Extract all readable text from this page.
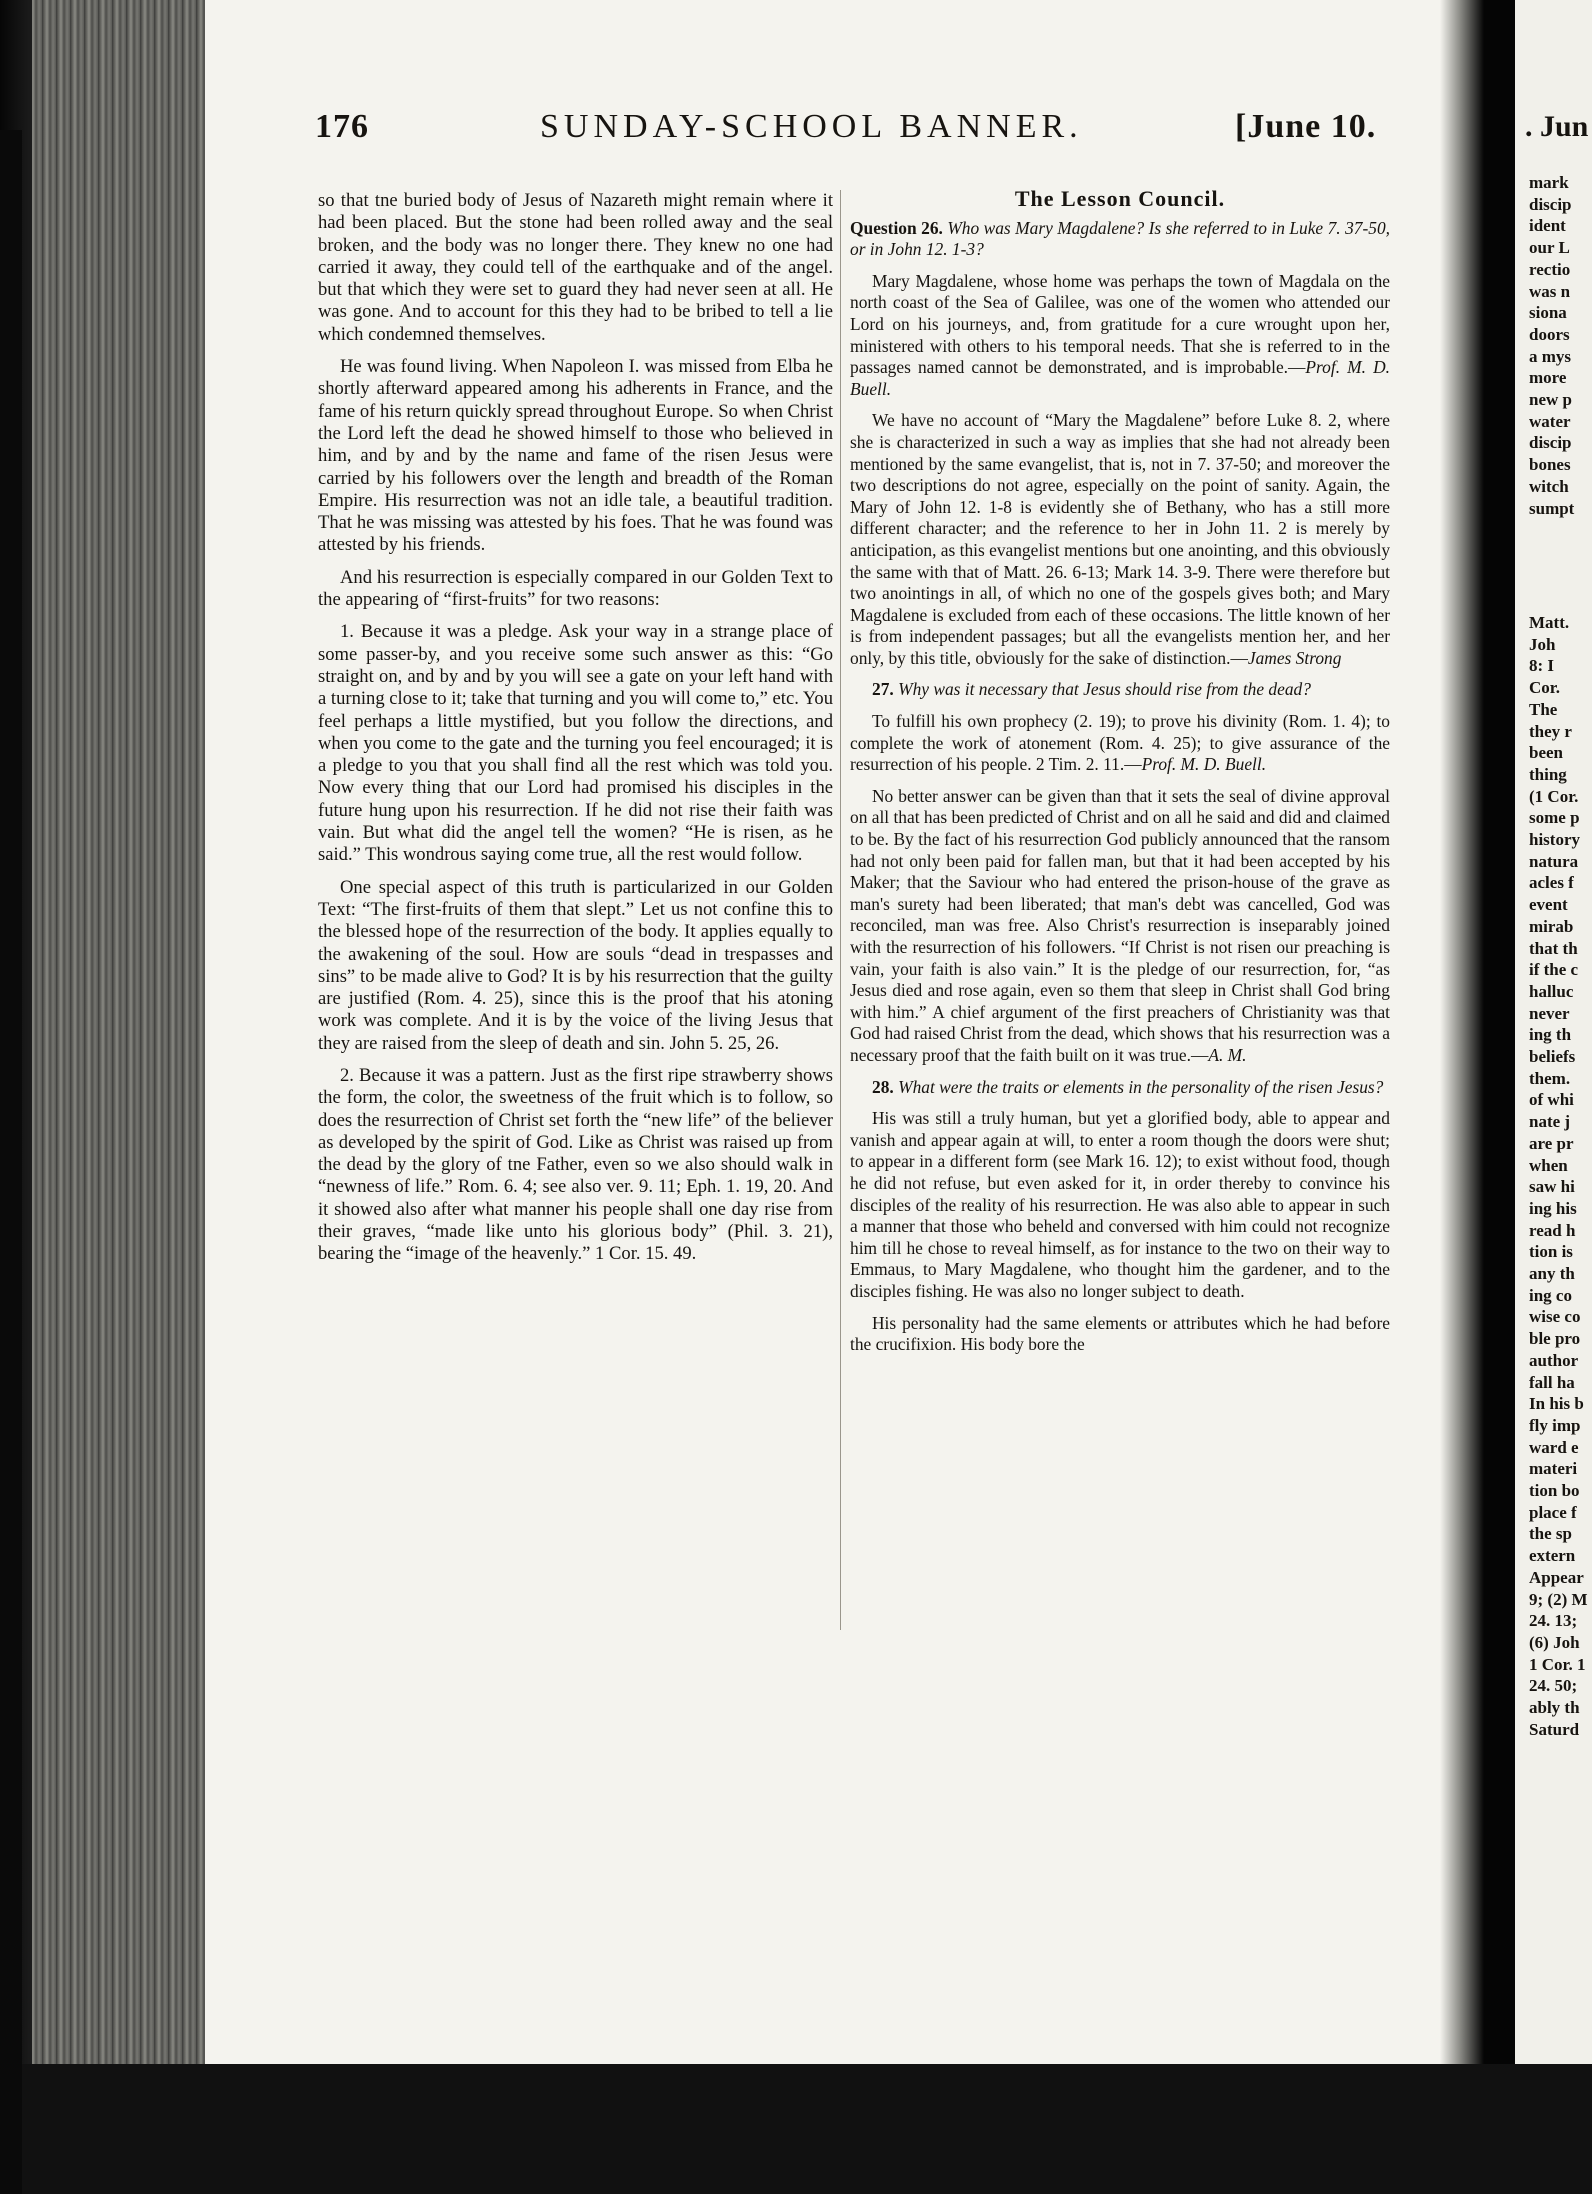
176	SUNDAY-SCHOOL BANNER.	[June 10.

so that tne buried body of Jesus of Nazareth might remain where it had been placed. But the stone had been rolled away and the seal broken, and the body was no longer there. They knew no one had carried it away, they could tell of the earthquake and of the angel. but that which they were set to guard they had never seen at all. He was gone. And to account for this they had to be bribed to tell a lie which condemned themselves.

He was found living. When Napoleon I. was missed from Elba he shortly afterward appeared among his adherents in France, and the fame of his return quickly spread throughout Europe. So when Christ the Lord left the dead he showed himself to those who believed in him, and by and by the name and fame of the risen Jesus were carried by his followers over the length and breadth of the Roman Empire. His resurrection was not an idle tale, a beautiful tradition. That he was missing was attested by his foes. That he was found was attested by his friends.

And his resurrection is especially compared in our Golden Text to the appearing of “first-fruits” for two reasons:

1. Because it was a pledge. Ask your way in a strange place of some passer-by, and you receive some such answer as this: “Go straight on, and by and by you will see a gate on your left hand with a turning close to it; take that turning and you will come to,” etc. You feel perhaps a little mystified, but you follow the directions, and when you come to the gate and the turning you feel encouraged; it is a pledge to you that you shall find all the rest which was told you. Now every thing that our Lord had promised his disciples in the future hung upon his resurrection. If he did not rise their faith was vain. But what did the angel tell the women? “He is risen, as he said.” This wondrous saying come true, all the rest would follow.

One special aspect of this truth is particularized in our Golden Text: “The first-fruits of them that slept.” Let us not confine this to the blessed hope of the resurrection of the body. It applies equally to the awakening of the soul. How are souls “dead in trespasses and sins” to be made alive to God? It is by his resurrection that the guilty are justified (Rom. 4. 25), since this is the proof that his atoning work was complete. And it is by the voice of the living Jesus that they are raised from the sleep of death and sin. John 5. 25, 26.

2. Because it was a pattern. Just as the first ripe strawberry shows the form, the color, the sweetness of the fruit which is to follow, so does the resurrection of Christ set forth the “new life” of the believer as developed by the spirit of God. Like as Christ was raised up from the dead by the glory of tne Father, even so we also should walk in “newness of life.” Rom. 6. 4; see also ver. 9. 11; Eph. 1. 19, 20. And it showed also after what manner his people shall one day rise from their graves, “made like unto his glorious body” (Phil. 3. 21), bearing the “image of the heavenly.” 1 Cor. 15. 49.

The Lesson Council.

Question 26. Who was Mary Magdalene? Is she referred to in Luke 7. 37-50, or in John 12. 1-3?

Mary Magdalene, whose home was perhaps the town of Magdala on the north coast of the Sea of Galilee, was one of the women who attended our Lord on his journeys, and, from gratitude for a cure wrought upon her, ministered with others to his temporal needs. That she is referred to in the passages named cannot be demonstrated, and is improbable.—Prof. M. D. Buell.

We have no account of “Mary the Magdalene” before Luke 8. 2, where she is characterized in such a way as implies that she had not already been mentioned by the same evangelist, that is, not in 7. 37-50; and moreover the two descriptions do not agree, especially on the point of sanity. Again, the Mary of John 12. 1-8 is evidently she of Bethany, who has a still more different character; and the reference to her in John 11. 2 is merely by anticipation, as this evangelist mentions but one anointing, and this obviously the same with that of Matt. 26. 6-13; Mark 14. 3-9. There were therefore but two anointings in all, of which no one of the gospels gives both; and Mary Magdalene is excluded from each of these occasions. The little known of her is from independent passages; but all the evangelists mention her, and her only, by this title, obviously for the sake of distinction.—James Strong

27. Why was it necessary that Jesus should rise from the dead?

To fulfill his own prophecy (2. 19); to prove his divinity (Rom. 1. 4); to complete the work of atonement (Rom. 4. 25); to give assurance of the resurrection of his people. 2 Tim. 2. 11.—Prof. M. D. Buell.

No better answer can be given than that it sets the seal of divine approval on all that has been predicted of Christ and on all he said and did and claimed to be. By the fact of his resurrection God publicly announced that the ransom had not only been paid for fallen man, but that it had been accepted by his Maker; that the Saviour who had entered the prison-house of the grave as man's surety had been liberated; that man's debt was cancelled, God was reconciled, man was free. Also Christ's resurrection is inseparably joined with the resurrection of his followers. “If Christ is not risen our preaching is vain, your faith is also vain.” It is the pledge of our resurrection, for, “as Jesus died and rose again, even so them that sleep in Christ shall God bring with him.” A chief argument of the first preachers of Christianity was that God had raised Christ from the dead, which shows that his resurrection was a necessary proof that the faith built on it was true.—A. M.

28. What were the traits or elements in the personality of the risen Jesus?

His was still a truly human, but yet a glorified body, able to appear and vanish and appear again at will, to enter a room though the doors were shut; to appear in a different form (see Mark 16. 12); to exist without food, though he did not refuse, but even asked for it, in order thereby to convince his disciples of the reality of his resurrection. He was also able to appear in such a manner that those who beheld and conversed with him could not recognize him till he chose to reveal himself, as for instance to the two on their way to Emmaus, to Mary Magdalene, who thought him the gardener, and to the disciples fishing. He was also no longer subject to death.

His personality had the same elements or attributes which he had before the crucifixion. His body bore the

. Jun
mark
discip
ident
our L
rectio
was n
siona
doors
a mys
more
new p
water
discip
bones
witch
sumpt
Matt.
Joh
8: I
Cor.
The
they r
been
thing
(1 Cor.
some p
history
natura
acles f
event
mirab
that th
if the c
halluc
never
ing th
beliefs
them.
of whi
nate j
are pr
when
saw hi
ing his
read h
tion is
any th
ing co
wise co
ble pro
author
fall ha
In his b
fly imp
ward e
materi
tion bo
place f
the sp
extern
Appear
9; (2) M
24. 13;
(6) Joh
1 Cor. 1
24. 50;
ably th
Saturd
